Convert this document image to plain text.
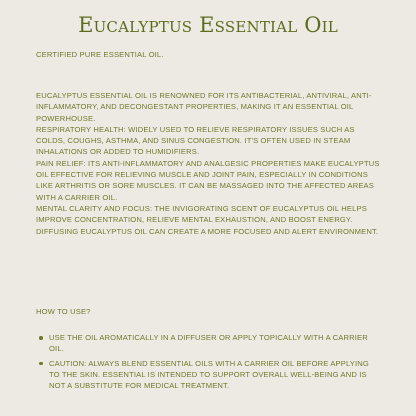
Eucalyptus Essential Oil
CERTIFIED PURE ESSENTIAL OIL.

EUCALYPTUS ESSENTIAL OIL IS RENOWNED FOR ITS ANTIBACTERIAL, ANTIVIRAL, ANTI-INFLAMMATORY, AND DECONGESTANT PROPERTIES, MAKING IT AN ESSENTIAL OIL POWERHOUSE.

RESPIRATORY HEALTH: WIDELY USED TO RELIEVE RESPIRATORY ISSUES SUCH AS COLDS, COUGHS, ASTHMA, AND SINUS CONGESTION. IT'S OFTEN USED IN STEAM INHALATIONS OR ADDED TO HUMIDIFIERS.

PAIN RELIEF: ITS ANTI-INFLAMMATORY AND ANALGESIC PROPERTIES MAKE EUCALYPTUS OIL EFFECTIVE FOR RELIEVING MUSCLE AND JOINT PAIN, ESPECIALLY IN CONDITIONS LIKE ARTHRITIS OR SORE MUSCLES. IT CAN BE MASSAGED INTO THE AFFECTED AREAS WITH A CARRIER OIL.

MENTAL CLARITY AND FOCUS: THE INVIGORATING SCENT OF EUCALYPTUS OIL HELPS IMPROVE CONCENTRATION, RELIEVE MENTAL EXHAUSTION, AND BOOST ENERGY. DIFFUSING EUCALYPTUS OIL CAN CREATE A MORE FOCUSED AND ALERT ENVIRONMENT.

HOW TO USE?
USE THE OIL AROMATICALLY IN A DIFFUSER OR APPLY TOPICALLY WITH A CARRIER OIL.
CAUTION: ALWAYS BLEND ESSENTIAL OILS WITH A CARRIER OIL BEFORE APPLYING TO THE SKIN. ESSENTIAL IS INTENDED TO SUPPORT OVERALL WELL-BEING AND IS NOT A SUBSTITUTE FOR MEDICAL TREATMENT.
